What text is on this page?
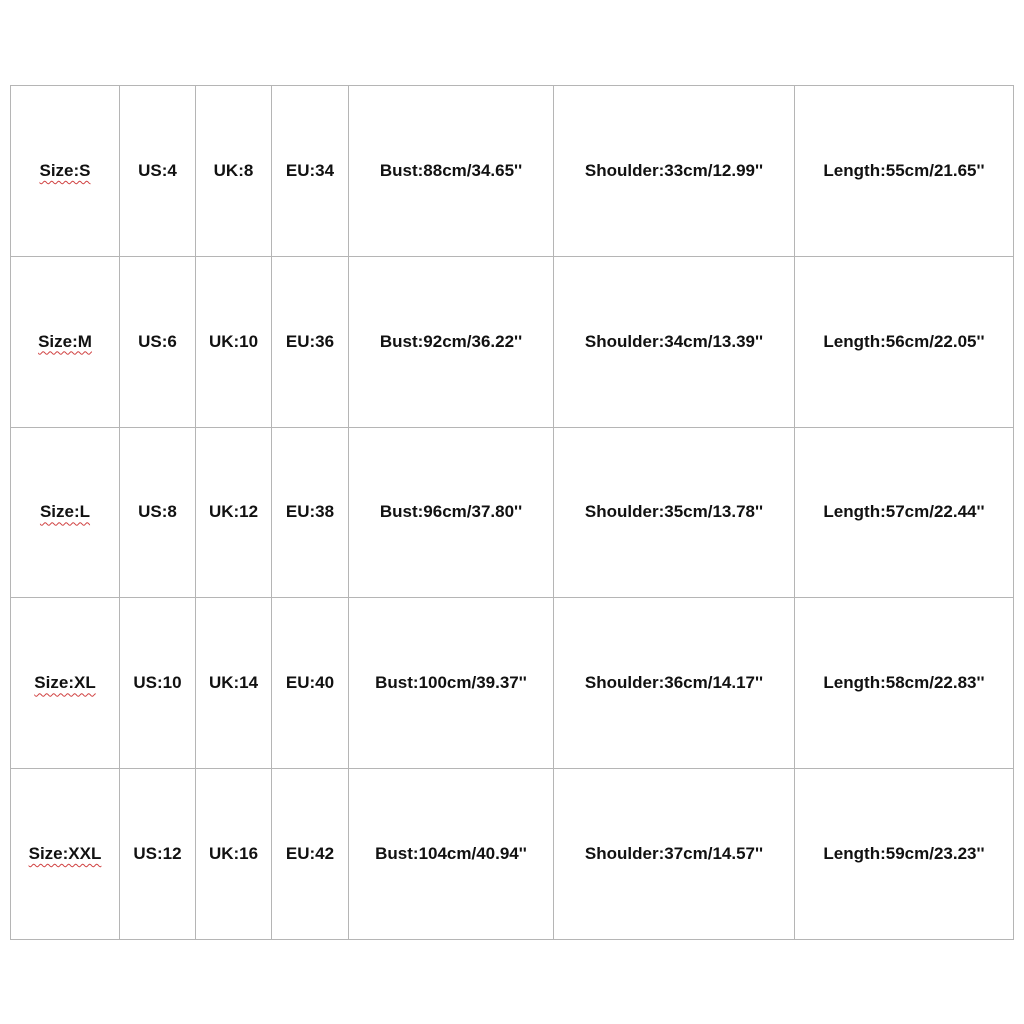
Size:S	US:4	UK:8	EU:34	Bust:88cm/34.65''	Shoulder:33cm/12.99''	Length:55cm/21.65''
Size:M	US:6	UK:10	EU:36	Bust:92cm/36.22''	Shoulder:34cm/13.39''	Length:56cm/22.05''
Size:L	US:8	UK:12	EU:38	Bust:96cm/37.80''	Shoulder:35cm/13.78''	Length:57cm/22.44''
Size:XL	US:10	UK:14	EU:40	Bust:100cm/39.37''	Shoulder:36cm/14.17''	Length:58cm/22.83''
Size:XXL	US:12	UK:16	EU:42	Bust:104cm/40.94''	Shoulder:37cm/14.57''	Length:59cm/23.23''
